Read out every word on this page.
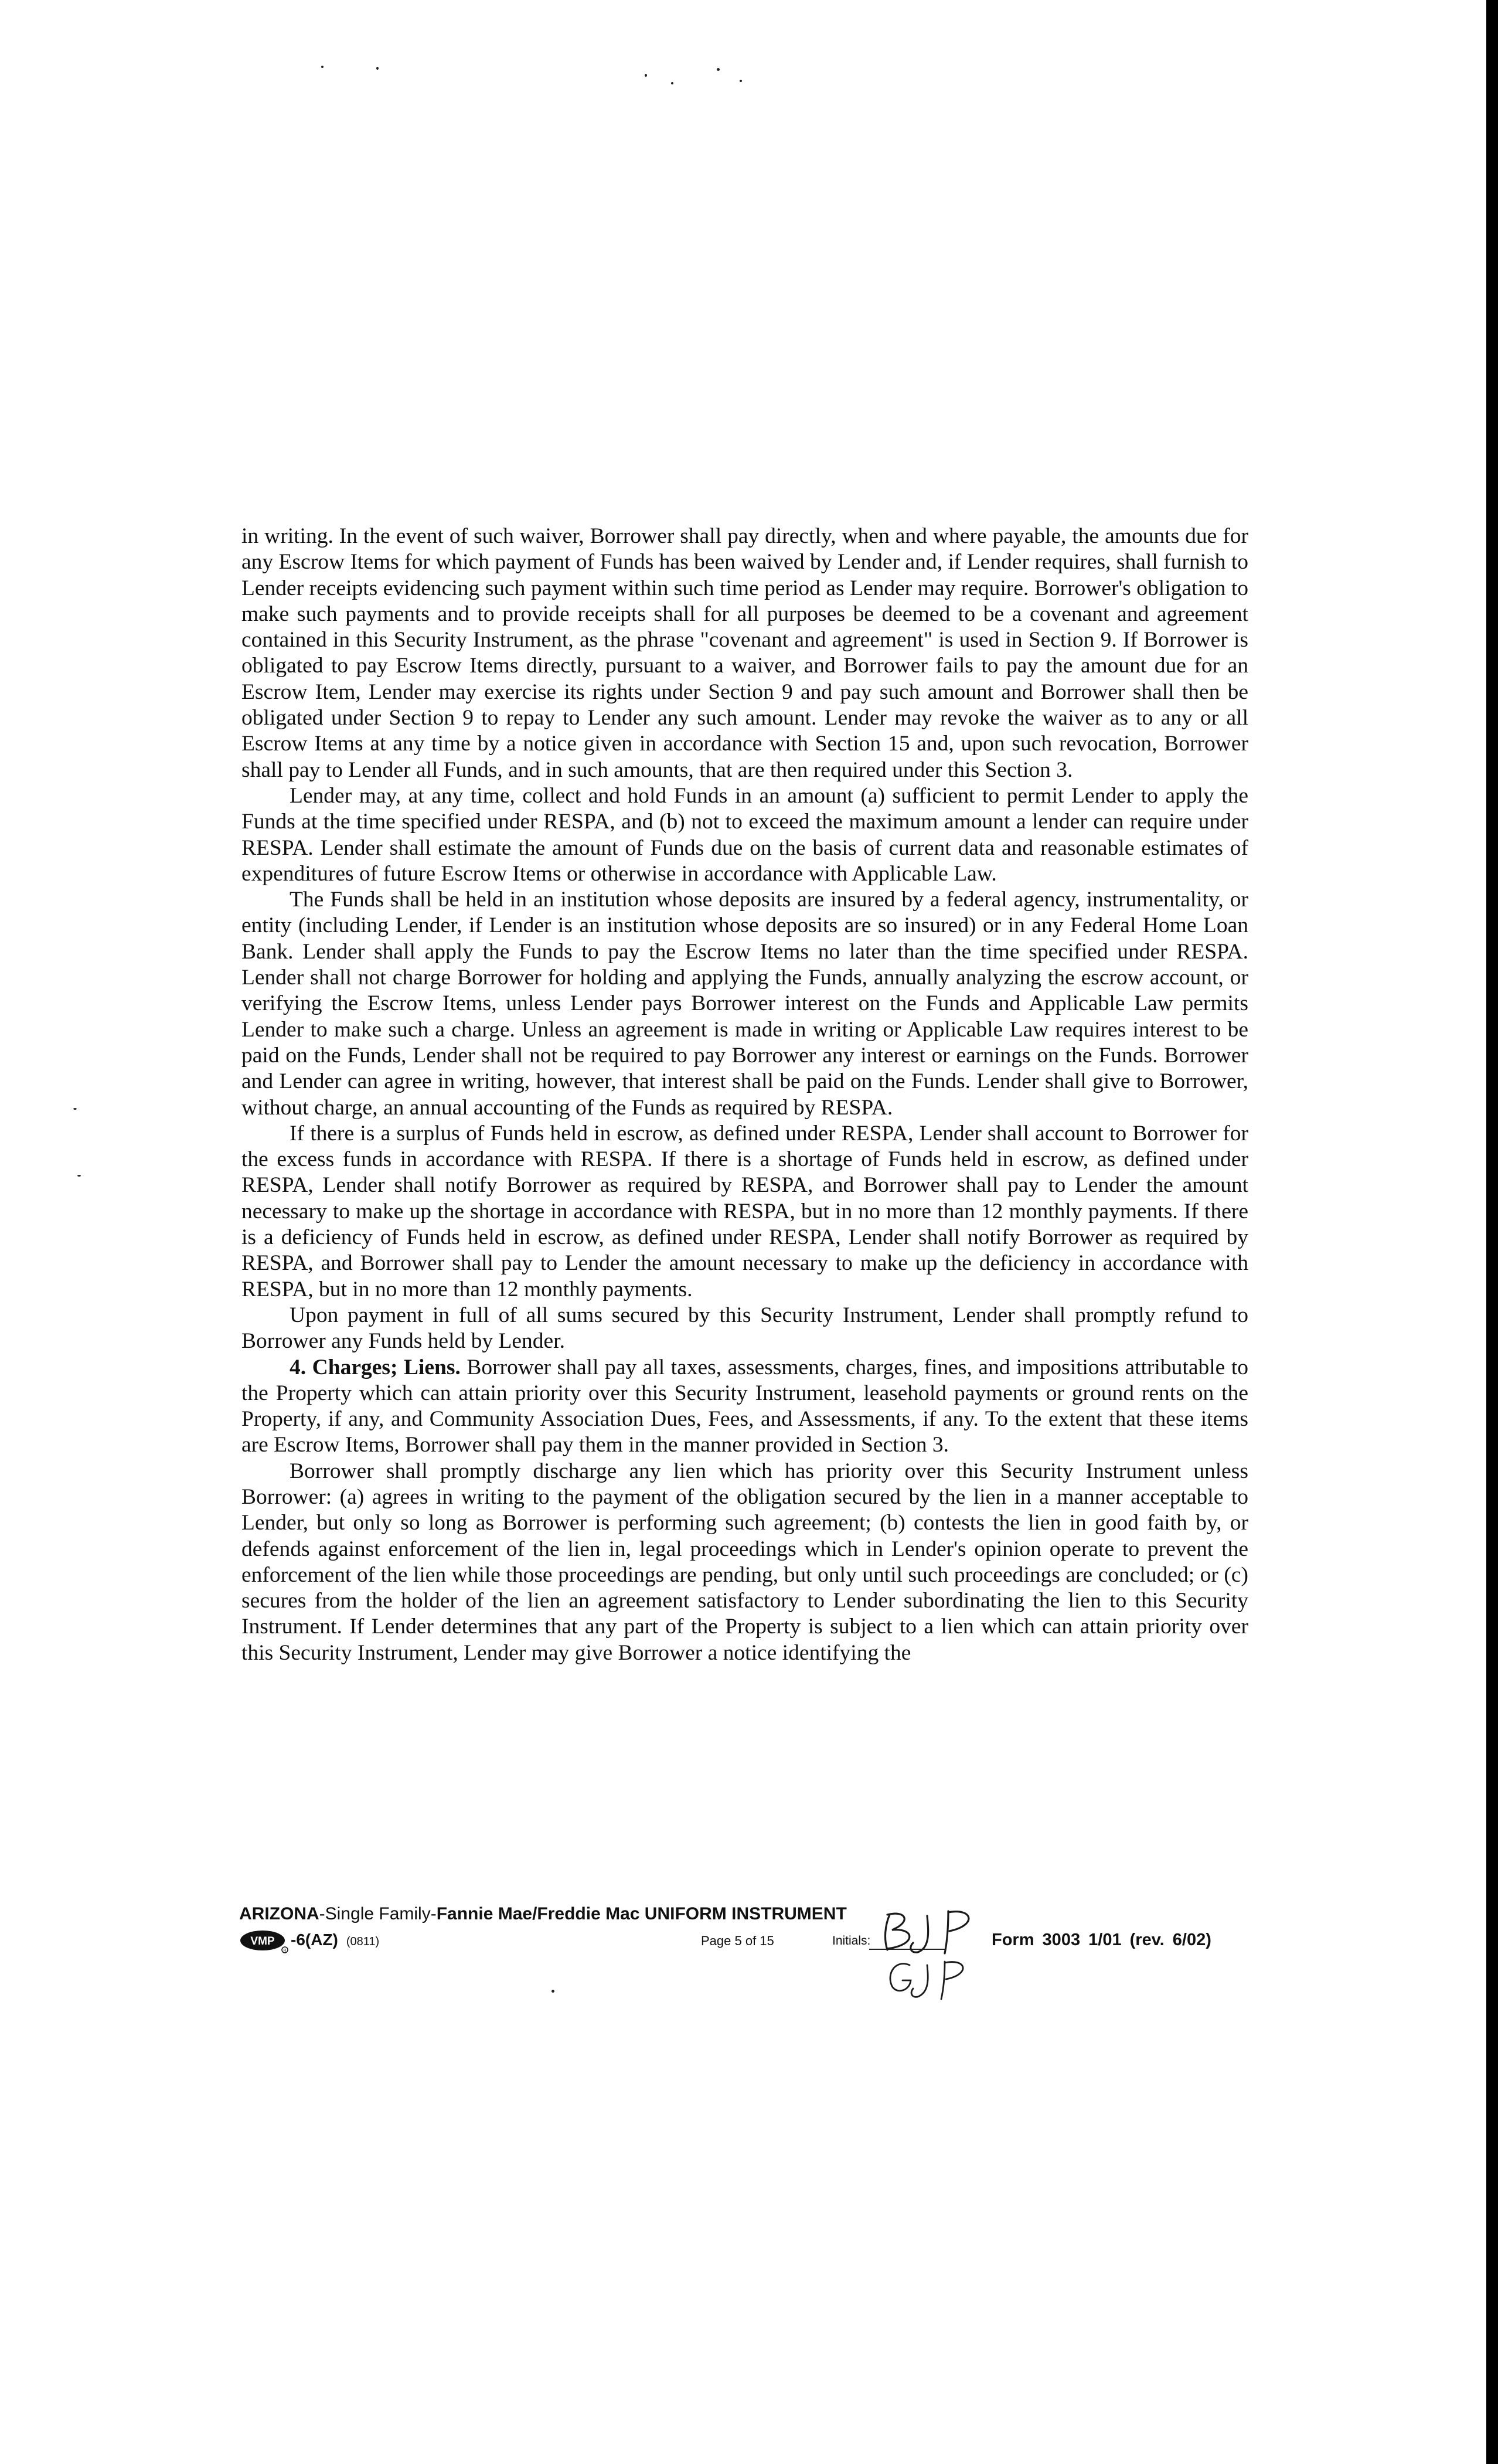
in writing. In the event of such waiver, Borrower shall pay directly, when and where payable, the amounts due for any Escrow Items for which payment of Funds has been waived by Lender and, if Lender requires, shall furnish to Lender receipts evidencing such payment within such time period as Lender may require. Borrower's obligation to make such payments and to provide receipts shall for all purposes be deemed to be a covenant and agreement contained in this Security Instrument, as the phrase "covenant and agreement" is used in Section 9. If Borrower is obligated to pay Escrow Items directly, pursuant to a waiver, and Borrower fails to pay the amount due for an Escrow Item, Lender may exercise its rights under Section 9 and pay such amount and Borrower shall then be obligated under Section 9 to repay to Lender any such amount. Lender may revoke the waiver as to any or all Escrow Items at any time by a notice given in accordance with Section 15 and, upon such revocation, Borrower shall pay to Lender all Funds, and in such amounts, that are then required under this Section 3.

Lender may, at any time, collect and hold Funds in an amount (a) sufficient to permit Lender to apply the Funds at the time specified under RESPA, and (b) not to exceed the maximum amount a lender can require under RESPA. Lender shall estimate the amount of Funds due on the basis of current data and reasonable estimates of expenditures of future Escrow Items or otherwise in accordance with Applicable Law.

The Funds shall be held in an institution whose deposits are insured by a federal agency, instrumentality, or entity (including Lender, if Lender is an institution whose deposits are so insured) or in any Federal Home Loan Bank. Lender shall apply the Funds to pay the Escrow Items no later than the time specified under RESPA. Lender shall not charge Borrower for holding and applying the Funds, annually analyzing the escrow account, or verifying the Escrow Items, unless Lender pays Borrower interest on the Funds and Applicable Law permits Lender to make such a charge. Unless an agreement is made in writing or Applicable Law requires interest to be paid on the Funds, Lender shall not be required to pay Borrower any interest or earnings on the Funds. Borrower and Lender can agree in writing, however, that interest shall be paid on the Funds. Lender shall give to Borrower, without charge, an annual accounting of the Funds as required by RESPA.

If there is a surplus of Funds held in escrow, as defined under RESPA, Lender shall account to Borrower for the excess funds in accordance with RESPA. If there is a shortage of Funds held in escrow, as defined under RESPA, Lender shall notify Borrower as required by RESPA, and Borrower shall pay to Lender the amount necessary to make up the shortage in accordance with RESPA, but in no more than 12 monthly payments. If there is a deficiency of Funds held in escrow, as defined under RESPA, Lender shall notify Borrower as required by RESPA, and Borrower shall pay to Lender the amount necessary to make up the deficiency in accordance with RESPA, but in no more than 12 monthly payments.

Upon payment in full of all sums secured by this Security Instrument, Lender shall promptly refund to Borrower any Funds held by Lender.

4. Charges; Liens. Borrower shall pay all taxes, assessments, charges, fines, and impositions attributable to the Property which can attain priority over this Security Instrument, leasehold payments or ground rents on the Property, if any, and Community Association Dues, Fees, and Assessments, if any. To the extent that these items are Escrow Items, Borrower shall pay them in the manner provided in Section 3.

Borrower shall promptly discharge any lien which has priority over this Security Instrument unless Borrower: (a) agrees in writing to the payment of the obligation secured by the lien in a manner acceptable to Lender, but only so long as Borrower is performing such agreement; (b) contests the lien in good faith by, or defends against enforcement of the lien in, legal proceedings which in Lender's opinion operate to prevent the enforcement of the lien while those proceedings are pending, but only until such proceedings are concluded; or (c) secures from the holder of the lien an agreement satisfactory to Lender subordinating the lien to this Security Instrument. If Lender determines that any part of the Property is subject to a lien which can attain priority over this Security Instrument, Lender may give Borrower a notice identifying the

ARIZONA-Single Family-Fannie Mae/Freddie Mac UNIFORM INSTRUMENT
VMP
R
-6(AZ) (0811)	Page 5 of 15	Initials:	Form 3003 1/01 (rev. 6/02)
